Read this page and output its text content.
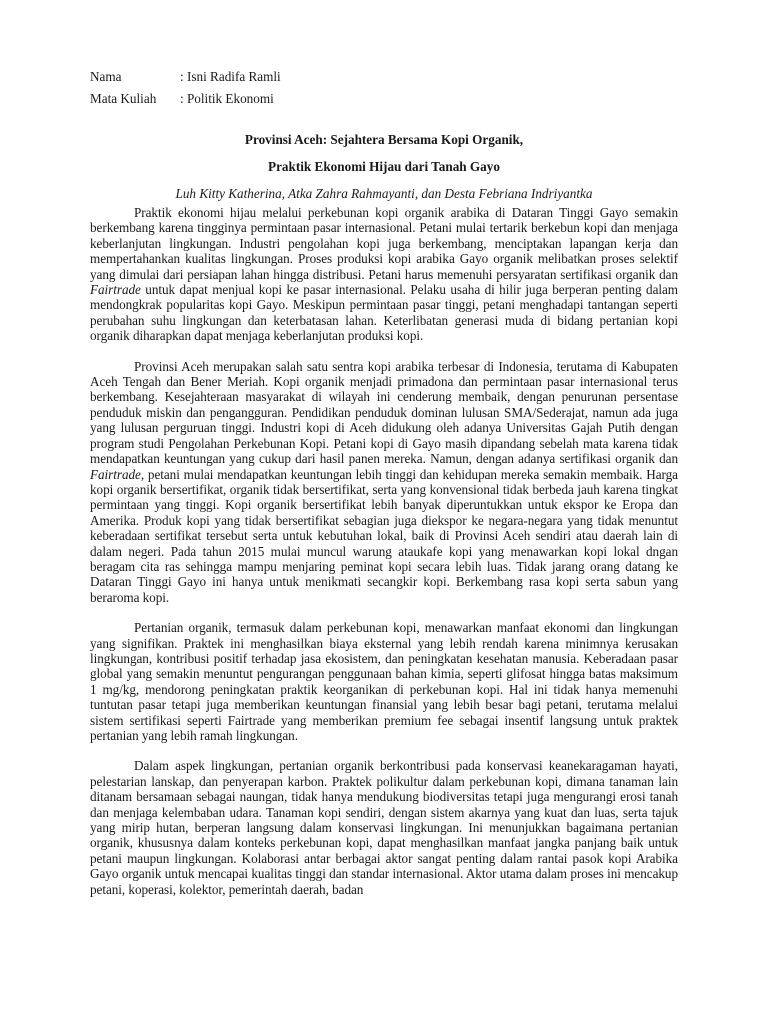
Nama	: Isni Radifa Ramli
Mata Kuliah	: Politik Ekonomi

Provinsi Aceh: Sejahtera Bersama Kopi Organik,

Praktik Ekonomi Hijau dari Tanah Gayo

Luh Kitty Katherina, Atka Zahra Rahmayanti, dan Desta Febriana Indriyantka

Praktik ekonomi hijau melalui perkebunan kopi organik arabika di Dataran Tinggi Gayo semakin berkembang karena tingginya permintaan pasar internasional. Petani mulai tertarik berkebun kopi dan menjaga keberlanjutan lingkungan. Industri pengolahan kopi juga berkembang, menciptakan lapangan kerja dan mempertahankan kualitas lingkungan. Proses produksi kopi arabika Gayo organik melibatkan proses selektif yang dimulai dari persiapan lahan hingga distribusi. Petani harus memenuhi persyaratan sertifikasi organik dan Fairtrade untuk dapat menjual kopi ke pasar internasional. Pelaku usaha di hilir juga berperan penting dalam mendongkrak popularitas kopi Gayo. Meskipun permintaan pasar tinggi, petani menghadapi tantangan seperti perubahan suhu lingkungan dan keterbatasan lahan. Keterlibatan generasi muda di bidang pertanian kopi organik diharapkan dapat menjaga keberlanjutan produksi kopi.

Provinsi Aceh merupakan salah satu sentra kopi arabika terbesar di Indonesia, terutama di Kabupaten Aceh Tengah dan Bener Meriah. Kopi organik menjadi primadona dan permintaan pasar internasional terus berkembang. Kesejahteraan masyarakat di wilayah ini cenderung membaik, dengan penurunan persentase penduduk miskin dan pengangguran. Pendidikan penduduk dominan lulusan SMA/Sederajat, namun ada juga yang lulusan perguruan tinggi. Industri kopi di Aceh didukung oleh adanya Universitas Gajah Putih dengan program studi Pengolahan Perkebunan Kopi. Petani kopi di Gayo masih dipandang sebelah mata karena tidak mendapatkan keuntungan yang cukup dari hasil panen mereka. Namun, dengan adanya sertifikasi organik dan Fairtrade, petani mulai mendapatkan keuntungan lebih tinggi dan kehidupan mereka semakin membaik. Harga kopi organik bersertifikat, organik tidak bersertifikat, serta yang konvensional tidak berbeda jauh karena tingkat permintaan yang tinggi. Kopi organik bersertifikat lebih banyak diperuntukkan untuk ekspor ke Eropa dan Amerika. Produk kopi yang tidak bersertifikat sebagian juga diekspor ke negara-negara yang tidak menuntut keberadaan sertifikat tersebut serta untuk kebutuhan lokal, baik di Provinsi Aceh sendiri atau daerah lain di dalam negeri. Pada tahun 2015 mulai muncul warung ataukafe kopi yang menawarkan kopi lokal dngan beragam cita ras sehingga mampu menjaring peminat kopi secara lebih luas. Tidak jarang orang datang ke Dataran Tinggi Gayo ini hanya untuk menikmati secangkir kopi. Berkembang rasa kopi serta sabun yang beraroma kopi.

Pertanian organik, termasuk dalam perkebunan kopi, menawarkan manfaat ekonomi dan lingkungan yang signifikan. Praktek ini menghasilkan biaya eksternal yang lebih rendah karena minimnya kerusakan lingkungan, kontribusi positif terhadap jasa ekosistem, dan peningkatan kesehatan manusia. Keberadaan pasar global yang semakin menuntut pengurangan penggunaan bahan kimia, seperti glifosat hingga batas maksimum 1 mg/kg, mendorong peningkatan praktik keorganikan di perkebunan kopi. Hal ini tidak hanya memenuhi tuntutan pasar tetapi juga memberikan keuntungan finansial yang lebih besar bagi petani, terutama melalui sistem sertifikasi seperti Fairtrade yang memberikan premium fee sebagai insentif langsung untuk praktek pertanian yang lebih ramah lingkungan.

Dalam aspek lingkungan, pertanian organik berkontribusi pada konservasi keanekaragaman hayati, pelestarian lanskap, dan penyerapan karbon. Praktek polikultur dalam perkebunan kopi, dimana tanaman lain ditanam bersamaan sebagai naungan, tidak hanya mendukung biodiversitas tetapi juga mengurangi erosi tanah dan menjaga kelembaban udara. Tanaman kopi sendiri, dengan sistem akarnya yang kuat dan luas, serta tajuk yang mirip hutan, berperan langsung dalam konservasi lingkungan. Ini menunjukkan bagaimana pertanian organik, khususnya dalam konteks perkebunan kopi, dapat menghasilkan manfaat jangka panjang baik untuk petani maupun lingkungan. Kolaborasi antar berbagai aktor sangat penting dalam rantai pasok kopi Arabika Gayo organik untuk mencapai kualitas tinggi dan standar internasional. Aktor utama dalam proses ini mencakup petani, koperasi, kolektor, pemerintah daerah, badan
